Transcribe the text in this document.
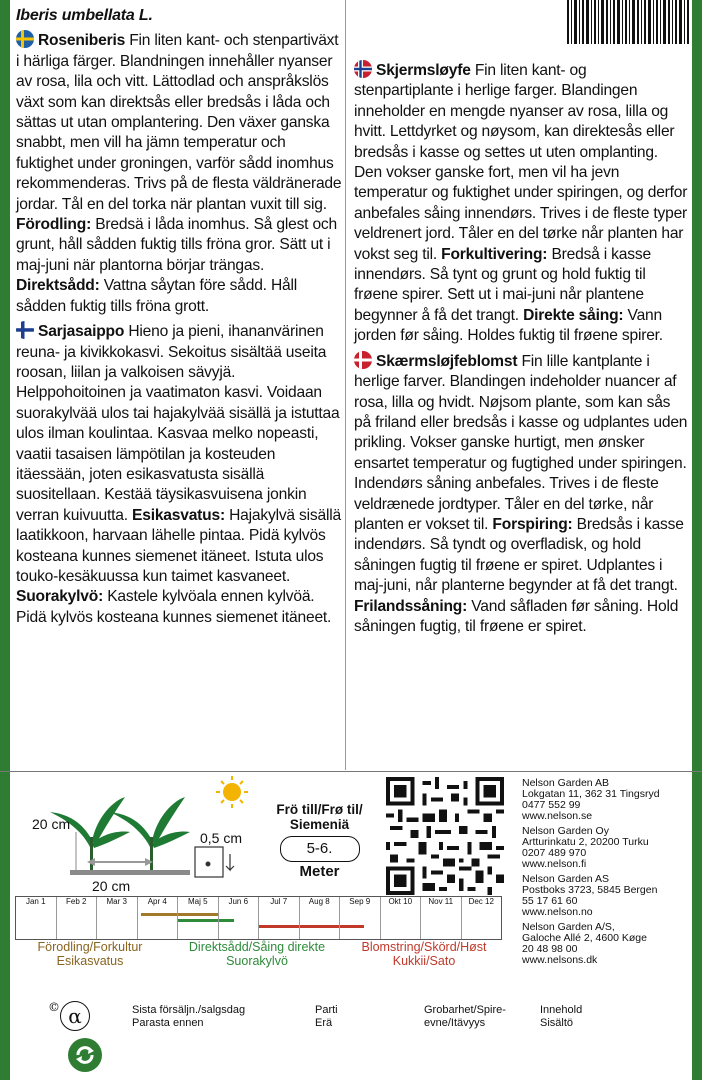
Iberis umbellata L.

Roseniberis Fin liten kant- och stenpartiväxt i härliga färger. Blandningen innehåller nyanser av rosa, lila och vitt. Lättodlad och anspråkslös växt som kan direktsås eller bredsås i låda och sättas ut utan omplantering. Den växer ganska snabbt, men vill ha jämn temperatur och fuktighet under groningen, varför sådd inomhus rekommenderas. Trivs på de flesta väldränerade jordar. Tål en del torka när plantan vuxit till sig. Förodling: Bredsä i låda inomhus. Så glest och grunt, håll sådden fuktig tills fröna gror. Sätt ut i maj-juni när plantorna börjar trängas. Direktsådd: Vattna såytan före sådd. Håll sådden fuktig tills fröna grott.

Sarjasaippo Hieno ja pieni, ihananvärinen reuna- ja kivikkokasvi. Sekoitus sisältää useita roosan, liilan ja valkoisen sävyjä. Helppohoitoinen ja vaatimaton kasvi. Voidaan suorakylvää ulos tai hajakylvää sisällä ja istuttaa ulos ilman koulintaa. Kasvaa melko nopeasti, vaatii tasaisen lämpötilan ja kosteuden itäessään, joten esikasvatusta sisällä suositellaan. Kestää täysikasvuisena jonkin verran kuivuutta. Esikasvatus: Hajakylvä sisällä laatikkoon, harvaan lähelle pintaa. Pidä kylvös kosteana kunnes siemenet itäneet. Istuta ulos touko-kesäkuussa kun taimet kasvaneet. Suorakylvö: Kastele kylvöala ennen kylvöä. Pidä kylvös kosteana kunnes siemenet itäneet.

Skjermsløyfe Fin liten kant- og stenpartiplante i herlige farger. Blandingen inneholder en mengde nyanser av rosa, lilla og hvitt. Lettdyrket og nøysom, kan direktesås eller bredsås i kasse og settes ut uten omplanting. Den vokser ganske fort, men vil ha jevn temperatur og fuktighet under spiringen, og derfor anbefales såing innendørs. Trives i de fleste typer veldrenert jord. Tåler en del tørke når planten har vokst seg til. Forkultivering: Bredså i kasse innendørs. Så tynt og grunt og hold fuktig til frøene spirer. Sett ut i mai-juni når plantene begynner å få det trangt. Direkte såing: Vann jorden før såing. Holdes fuktig til frøene spirer.

Skærmsløjfeblomst Fin lille kantplante i herlige farver. Blandingen indeholder nuancer af rosa, lilla og hvidt. Nøjsom plante, som kan sås på friland eller bredsås i kasse og udplantes uden prikling. Vokser ganske hurtigt, men ønsker ensartet temperatur og fugtighed under spiringen. Indendørs såning anbefales. Trives i de fleste veldrænede jordtyper. Tåler en del tørke, når planten er vokset til. Forspiring: Bredsås i kasse indendørs. Så tyndt og overfladisk, og hold såningen fugtig til frøene er spiret. Udplantes i maj-juni, når planterne begynder at få det trangt. Frilandssåning: Vand såfladen før såning. Hold såningen fugtig, til frøene er spiret.

20 cm
20 cm
0,5 cm
Frö till/Frø til/ Siemeniä
5-6.
Meter
Nelson Garden AB
Lokgatan 11, 362 31 Tingsryd
0477 552 99
www.nelson.se
Nelson Garden Oy
Artturinkatu 2, 20200 Turku
0207 489 970
www.nelson.fi
Nelson Garden AS
Postboks 3723, 5845 Bergen
55 17 61 60
www.nelson.no
Nelson Garden A/S,
Galoche Allé 2, 4600 Køge
20 48 98 00
www.nelsons.dk
Jan 1	Feb 2	Mar 3	Apr 4	Maj 5	Jun 6	Jul 7	Aug 8	Sep 9	Okt 10	Nov 11	Dec 12
Förodling/Forkultur Esikasvatus
Direktsådd/Såing direkte Suorakylvö
Blomstring/Skörd/Høst Kukkii/Sato
© α	Sista försäljn./salgsdag Parasta ennen
Parti Erä
Grobarhet/Spire- evne/Itävyys
Innehold Sisältö
